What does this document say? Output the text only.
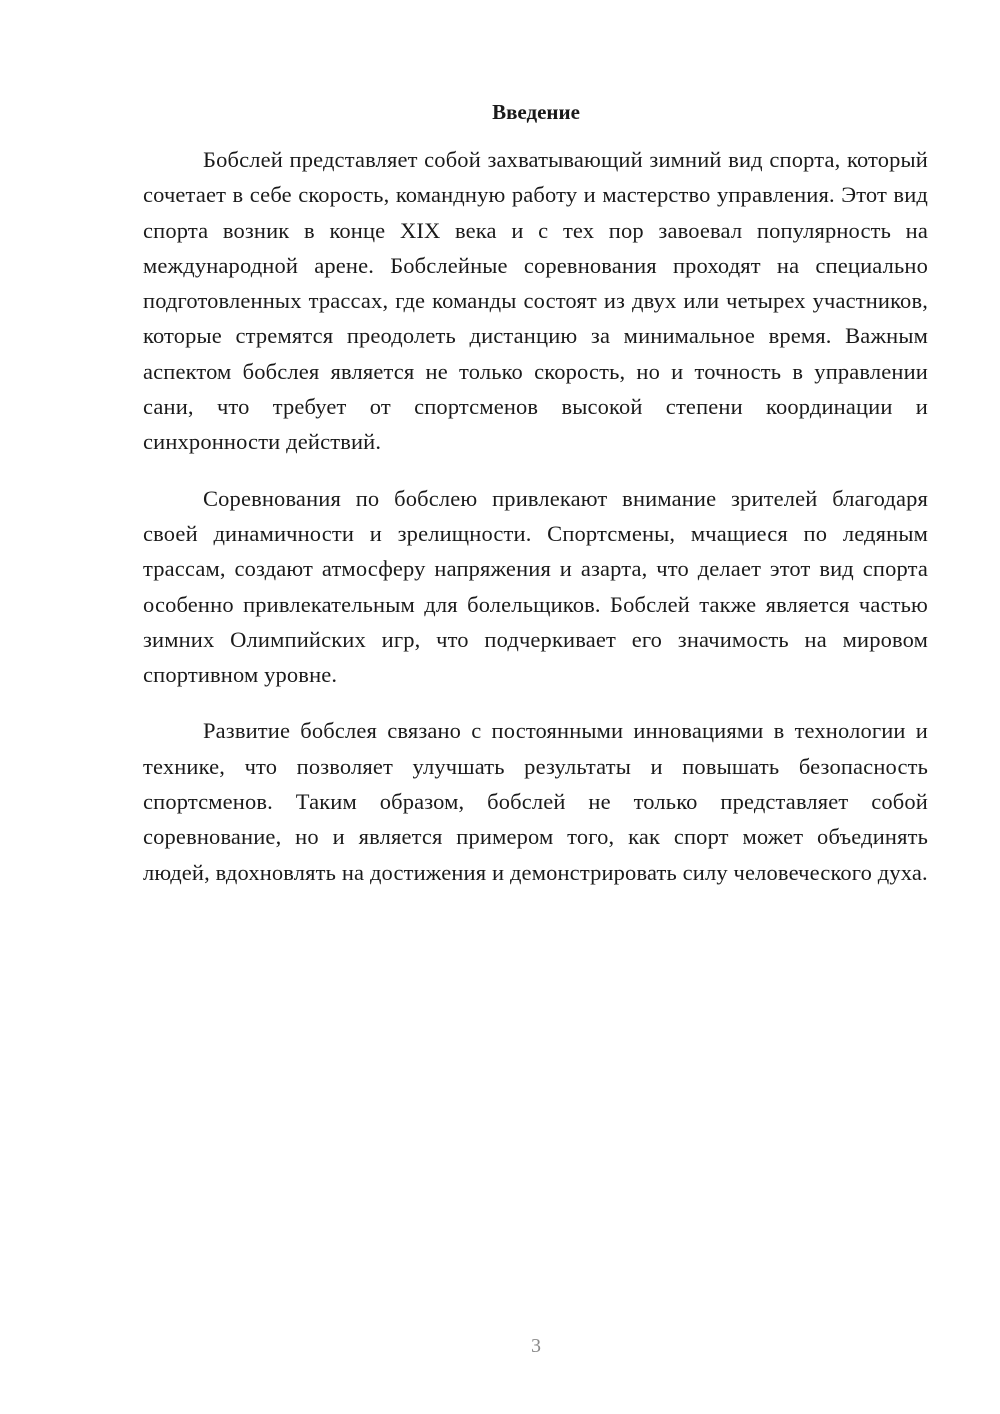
Введение

Бобслей представляет собой захватывающий зимний вид спорта, который сочетает в себе скорость, командную работу и мастерство управления. Этот вид спорта возник в конце XIX века и с тех пор завоевал популярность на международной арене. Бобслейные соревнования проходят на специально подготовленных трассах, где команды состоят из двух или четырех участников, которые стремятся преодолеть дистанцию за минимальное время. Важным аспектом бобслея является не только скорость, но и точность в управлении сани, что требует от спортсменов высокой степени координации и синхронности действий.

Соревнования по бобслею привлекают внимание зрителей благодаря своей динамичности и зрелищности. Спортсмены, мчащиеся по ледяным трассам, создают атмосферу напряжения и азарта, что делает этот вид спорта особенно привлекательным для болельщиков. Бобслей также является частью зимних Олимпийских игр, что подчеркивает его значимость на мировом спортивном уровне.

Развитие бобслея связано с постоянными инновациями в технологии и технике, что позволяет улучшать результаты и повышать безопасность спортсменов. Таким образом, бобслей не только представляет собой соревнование, но и является примером того, как спорт может объединять людей, вдохновлять на достижения и демонстрировать силу человеческого духа.

3
